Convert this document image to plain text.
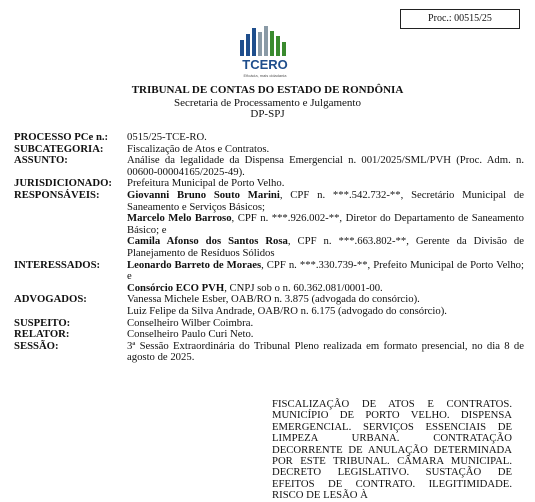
Proc.: 00515/25
TCERO
Eficácia, mais cidadania
TRIBUNAL DE CONTAS DO ESTADO DE RONDÔNIA
Secretaria de Processamento e Julgamento
DP-SPJ
PROCESSO PCe n.:	0515/25-TCE-RO.
SUBCATEGORIA:	Fiscalização de Atos e Contratos.
ASSUNTO:	Análise da legalidade da Dispensa Emergencial n. 001/2025/SML/PVH (Proc. Adm. n. 00600-00004165/2025-49).
JURISDICIONADO:	Prefeitura Municipal de Porto Velho.
RESPONSÁVEIS:	Giovanni Bruno Souto Marini, CPF n. ***.542.732-**, Secretário Municipal de Saneamento e Serviços Básicos;
Marcelo Melo Barroso, CPF n. ***.926.002-**, Diretor do Departamento de Saneamento Básico; e
Camila Afonso dos Santos Rosa, CPF n. ***.663.802-**, Gerente da Divisão de Planejamento de Resíduos Sólidos
INTERESSADOS:	Leonardo Barreto de Moraes, CPF n. ***.330.739-**, Prefeito Municipal de Porto Velho; e
Consórcio ECO PVH, CNPJ sob o n. 60.362.081/0001-00.
ADVOGADOS:	Vanessa Michele Esber, OAB/RO n. 3.875 (advogada do consórcio).
Luiz Felipe da Silva Andrade, OAB/RO n. 6.175 (advogado do consórcio).
SUSPEITO:	Conselheiro Wilber Coimbra.
RELATOR:	Conselheiro Paulo Curi Neto.
SESSÃO:	3ª Sessão Extraordinária do Tribunal Pleno realizada em formato presencial, no dia 8 de agosto de 2025.
FISCALIZAÇÃO DE ATOS E CONTRATOS. MUNICÍPIO DE PORTO VELHO. DISPENSA EMERGENCIAL. SERVIÇOS ESSENCIAIS DE LIMPEZA URBANA. CONTRATAÇÃO DECORRENTE DE ANULAÇÃO DETERMINADA POR ESTE TRIBUNAL. CÂMARA MUNICIPAL. DECRETO LEGISLATIVO. SUSTAÇÃO DE EFEITOS DE CONTRATO. ILEGITIMIDADE. RISCO DE LESÃO À
